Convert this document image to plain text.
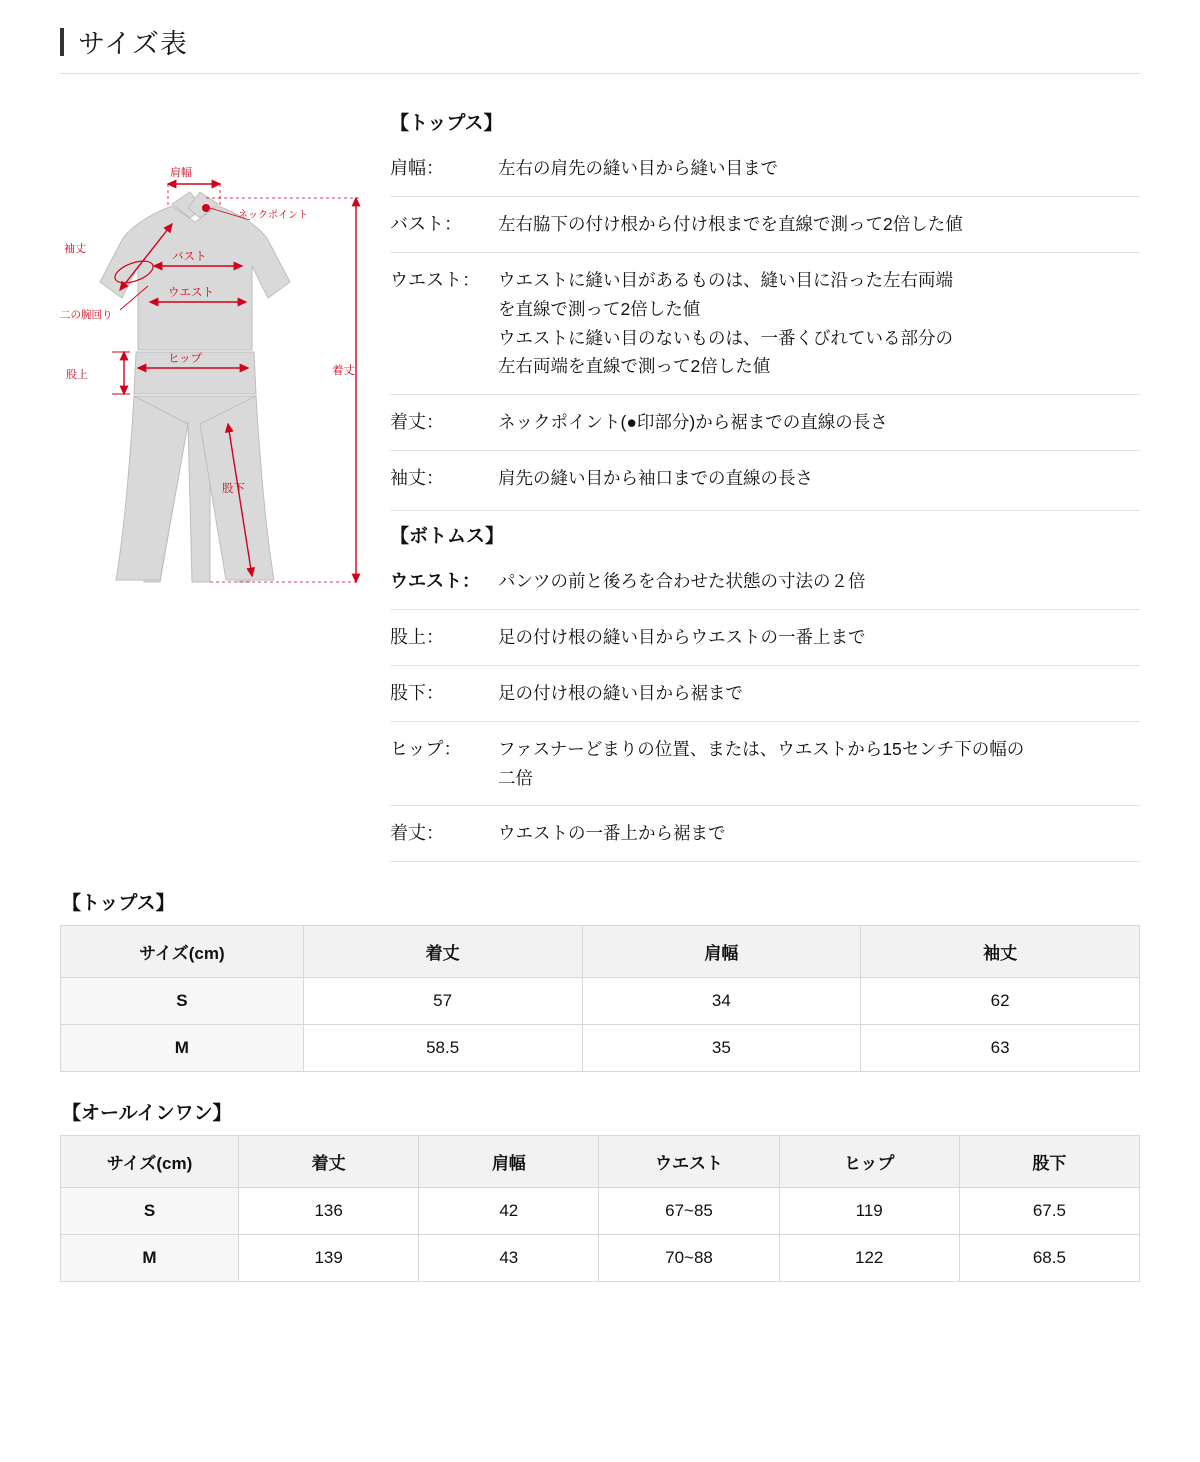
サイズ表
肩幅
ネックポイント
袖丈
バスト
ウエスト
二の腕回り
股上
ヒップ
着丈
股下
【トップス】
肩幅：	左右の肩先の縫い目から縫い目まで
バスト：	左右脇下の付け根から付け根までを直線で測って2倍した値
ウエスト：	ウエストに縫い目があるものは、縫い目に沿った左右両端
を直線で測って2倍した値
ウエストに縫い目のないものは、一番くびれている部分の
左右両端を直線で測って2倍した値
着丈：	ネックポイント(●印部分)から裾までの直線の長さ
袖丈：	肩先の縫い目から袖口までの直線の長さ
【ボトムス】
ウエスト：	パンツの前と後ろを合わせた状態の寸法の２倍
股上：	足の付け根の縫い目からウエストの一番上まで
股下：	足の付け根の縫い目から裾まで
ヒップ：	ファスナーどまりの位置、または、ウエストから15センチ下の幅の
二倍
着丈：	ウエストの一番上から裾まで
【トップス】
サイズ(cm)	着丈	肩幅	袖丈
S	57	34	62
M	58.5	35	63
【オールインワン】
サイズ(cm)	着丈	肩幅	ウエスト	ヒップ	股下
S	136	42	67~85	119	67.5
M	139	43	70~88	122	68.5
